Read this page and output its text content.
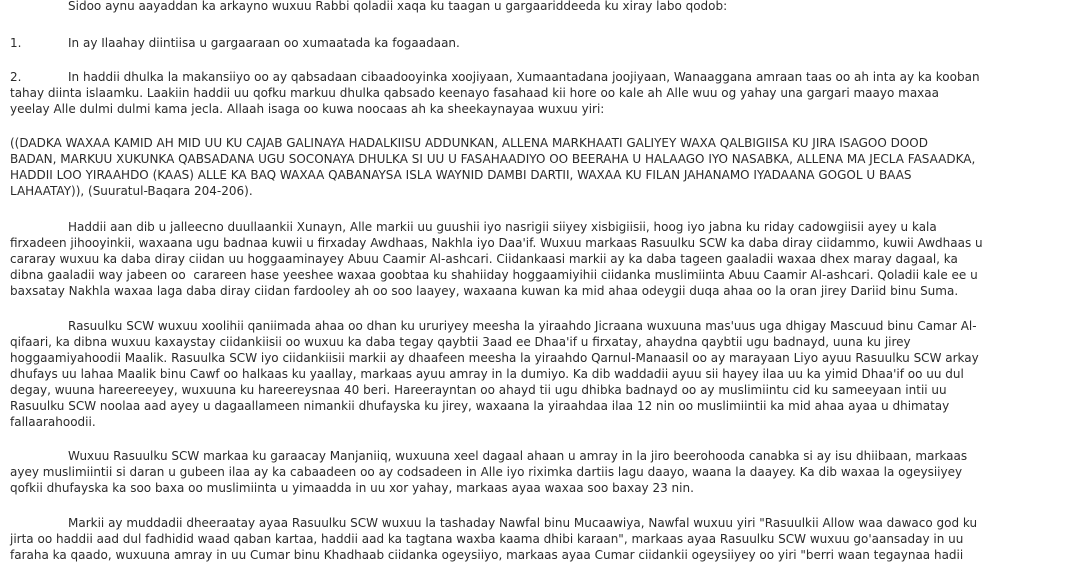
Sidoo aynu aayaddan ka arkayno wuxuu Rabbi qoladii xaqa ku taagan u gargaariddeeda ku xiray labo qodob:
1.	In ay Ilaahay diintiisa u gargaaraan oo xumaatada ka fogaadaan.
2.	In haddii dhulka la makansiiyo oo ay qabsadaan cibaadooyinka xoojiyaan, Xumaantadana joojiyaan, Wanaaggana amraan taas oo ah inta ay ka kooban
tahay diinta islaamku. Laakiin haddii uu qofku markuu dhulka qabsado keenayo fasahaad kii hore oo kale ah Alle wuu og yahay una gargari maayo maxaa
yeelay Alle dulmi dulmi kama jecla. Allaah isaga oo kuwa noocaas ah ka sheekaynayaa wuxuu yiri:
((DADKA WAXAA KAMID AH MID UU KU CAJAB GALINAYA HADALKIISU ADDUNKAN, ALLENA MARKHAATI GALIYEY WAXA QALBIGIISA KU JIRA ISAGOO DOOD
BADAN, MARKUU XUKUNKA QABSADANA UGU SOCONAYA DHULKA SI UU U FASAHAADIYO OO BEERAHA U HALAAGO IYO NASABKA, ALLENA MA JECLA FASAADKA,
HADDII LOO YIRAAHDO (KAAS) ALLE KA BAQ WAXAA QABANAYSA ISLA WAYNID DAMBI DARTII, WAXAA KU FILAN JAHANAMO IYADAANA GOGOL U BAAS
LAHAATAY)), (Suuratul-Baqara 204-206).
Haddii aan dib u jalleecno duullaankii Xunayn, Alle markii uu guushii iyo nasrigii siiyey xisbigiisii, hoog iyo jabna ku riday cadowgiisii ayey u kala
firxadeen jihooyinkii, waxaana ugu badnaa kuwii u firxaday Awdhaas, Nakhla iyo Daa'if. Wuxuu markaas Rasuulku SCW ka daba diray ciidammo, kuwii Awdhaas u
cararay wuxuu ka daba diray ciidan uu hoggaaminayey Abuu Caamir Al-ashcari. Ciidankaasi markii ay ka daba tageen gaaladii waxaa dhex maray dagaal, ka
dibna gaaladii way jabeen oo  carareen hase yeeshee waxaa goobtaa ku shahiiday hoggaamiyihii ciidanka muslimiinta Abuu Caamir Al-ashcari. Qoladii kale ee u
baxsatay Nakhla waxaa laga daba diray ciidan fardooley ah oo soo laayey, waxaana kuwan ka mid ahaa odeygii duqa ahaa oo la oran jirey Dariid binu Suma.
Rasuulku SCW wuxuu xoolihii qaniimada ahaa oo dhan ku ururiyey meesha la yiraahdo Jicraana wuxuuna mas'uus uga dhigay Mascuud binu Camar Al-
qifaari, ka dibna wuxuu kaxaystay ciidankiisii oo wuxuu ka daba tegay qaybtii 3aad ee Dhaa'if u firxatay, ahaydna qaybtii ugu badnayd, uuna ku jirey
hoggaamiyahoodii Maalik. Rasuulka SCW iyo ciidankiisii markii ay dhaafeen meesha la yiraahdo Qarnul-Manaasil oo ay marayaan Liyo ayuu Rasuulku SCW arkay
dhufays uu lahaa Maalik binu Cawf oo halkaas ku yaallay, markaas ayuu amray in la dumiyo. Ka dib waddadii ayuu sii hayey ilaa uu ka yimid Dhaa'if oo uu dul
degay, wuuna hareereeyey, wuxuuna ku hareereysnaa 40 beri. Hareerayntan oo ahayd tii ugu dhibka badnayd oo ay muslimiintu cid ku sameeyaan intii uu
Rasuulku SCW noolaa aad ayey u dagaallameen nimankii dhufayska ku jirey, waxaana la yiraahdaa ilaa 12 nin oo muslimiintii ka mid ahaa ayaa u dhimatay
fallaarahoodii.
Wuxuu Rasuulku SCW markaa ku garaacay Manjaniiq, wuxuuna xeel dagaal ahaan u amray in la jiro beerohooda canabka si ay isu dhiibaan, markaas
ayey muslimiintii si daran u gubeen ilaa ay ka cabaadeen oo ay codsadeen in Alle iyo riximka dartiis lagu daayo, waana la daayey. Ka dib waxaa la ogeysiiyey
qofkii dhufayska ka soo baxa oo muslimiinta u yimaadda in uu xor yahay, markaas ayaa waxaa soo baxay 23 nin.
Markii ay muddadii dheeraatay ayaa Rasuulku SCW wuxuu la tashaday Nawfal binu Mucaawiya, Nawfal wuxuu yiri "Rasuulkii Allow waa dawaco god ku
jirta oo haddii aad dul fadhidid waad qaban kartaa, haddii aad ka tagtana waxba kaama dhibi karaan", markaas ayaa Rasuulku SCW wuxuu go'aansaday in uu
faraha ka qaado, wuxuuna amray in uu Cumar binu Khadhaab ciidanka ogeysiiyo, markaas ayaa Cumar ciidankii ogeysiiyey oo yiri "berri waan tegaynaa hadii
